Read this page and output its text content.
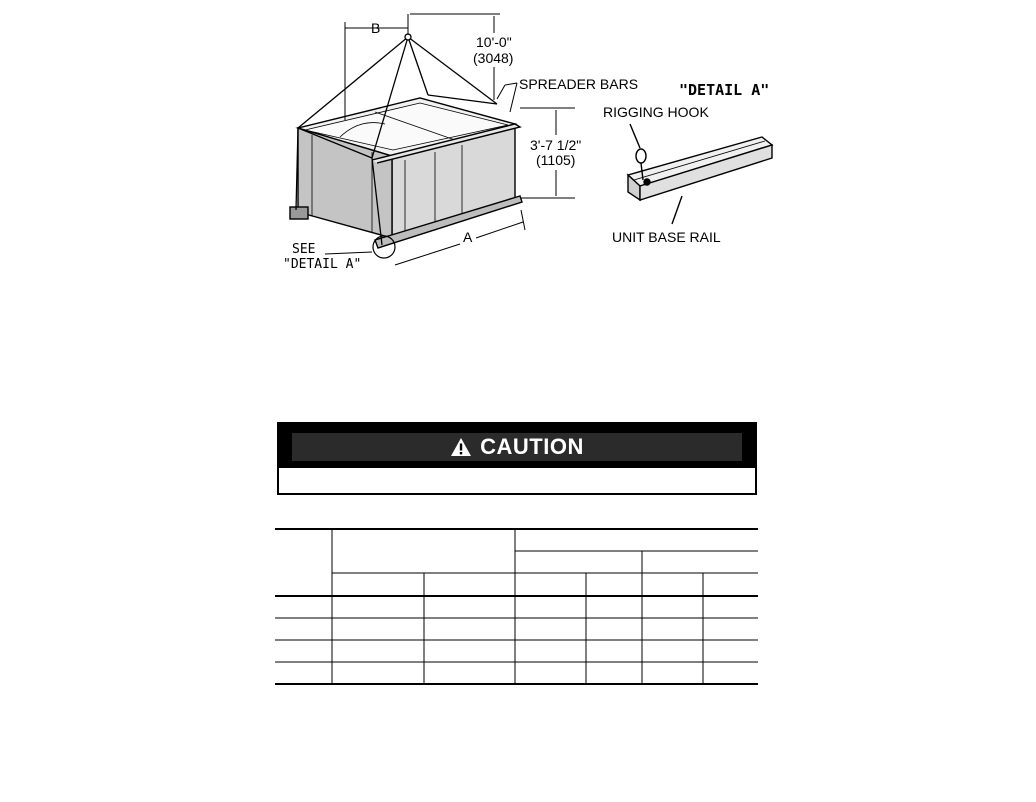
B
10'-0"
(3048)
SPREADER BARS
3'-7 1/2"
(1105)
A
SEE
"DETAIL A"
"DETAIL A"
RIGGING HOOK
UNIT BASE RAIL
CAUTION
